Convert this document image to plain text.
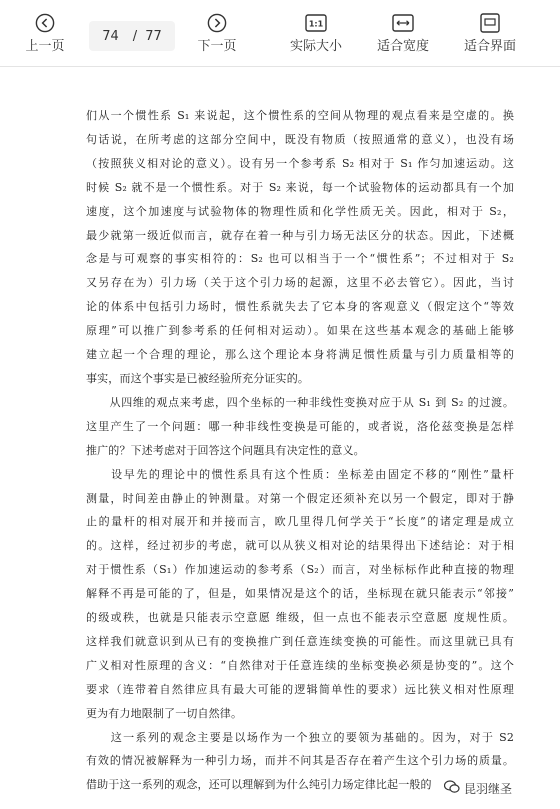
上一页
74 / 77
下一页
1:1
实际大小	适合宽度	适合界面

们从一个惯性系 S₁ 来说起，这个惯性系的空间从物理的观点看来是空虚的。换

句话说，在所考虑的这部分空间中，既没有物质（按照通常的意义），也没有场

（按照狭义相对论的意义）。设有另一个参考系 S₂ 相对于 S₁ 作匀加速运动。这

时候 S₂ 就不是一个惯性系。对于 S₂ 来说，每一个试验物体的运动都具有一个加

速度，这个加速度与试验物体的物理性质和化学性质无关。因此，相对于 S₂，

最少就第一级近似而言，就存在着一种与引力场无法区分的状态。因此，下述概

念是与可观察的事实相符的：S₂ 也可以相当于一个“惯性系”；不过相对于 S₂

又另存在为）引力场（关于这个引力场的起源，这里不必去管它）。因此，当讨

论的体系中包括引力场时，惯性系就失去了它本身的客观意义（假定这个“等效

原理”可以推广到参考系的任何相对运动）。如果在这些基本观念的基础上能够

建立起一个合理的理论，那么这个理论本身将满足惯性质量与引力质量相等的

事实，而这个事实是已被经验所充分证实的。

　　从四维的观点来考虑，四个坐标的一种非线性变换对应于从 S₁ 到 S₂ 的过渡。

这里产生了一个问题：哪一种非线性变换是可能的，或者说，洛伦兹变换是怎样

推广的？下述考虑对于回答这个问题具有决定性的意义。

　　设早先的理论中的惯性系具有这个性质：坐标差由固定不移的“刚性”量杆

测量，时间差由静止的钟测量。对第一个假定还须补充以另一个假定，即对于静

止的量杆的相对展开和并接而言，欧几里得几何学关于“长度”的诸定理是成立

的。这样，经过初步的考虑，就可以从狭义相对论的结果得出下述结论：对于相

对于惯性系（S₁）作加速运动的参考系（S₂）而言，对坐标标作此种直接的物理

解释不再是可能的了，但是，如果情况是这个的话，坐标现在就只能表示“邻接”

的级或秩，也就是只能表示空意愿 维级，但一点也不能表示空意愿 度规性质。

这样我们就意识到从已有的变换推广到任意连续变换的可能性。而这里就已具有

广义相对性原理的含义：“自然律对于任意连续的坐标变换必须是协变的”。这个

要求（连带着自然律应具有最大可能的逻辑简单性的要求）远比狭义相对性原理

更为有力地限制了一切自然律。

　　这一系列的观念主要是以场作为一个独立的要领为基础的。因为，对于 S2

有效的情况被解释为一种引力场，而并不问其是否存在着产生这个引力场的质量。

借助于这一系列的观念，还可以理解到为什么纯引力场定律比起一般的	昆羽继圣
